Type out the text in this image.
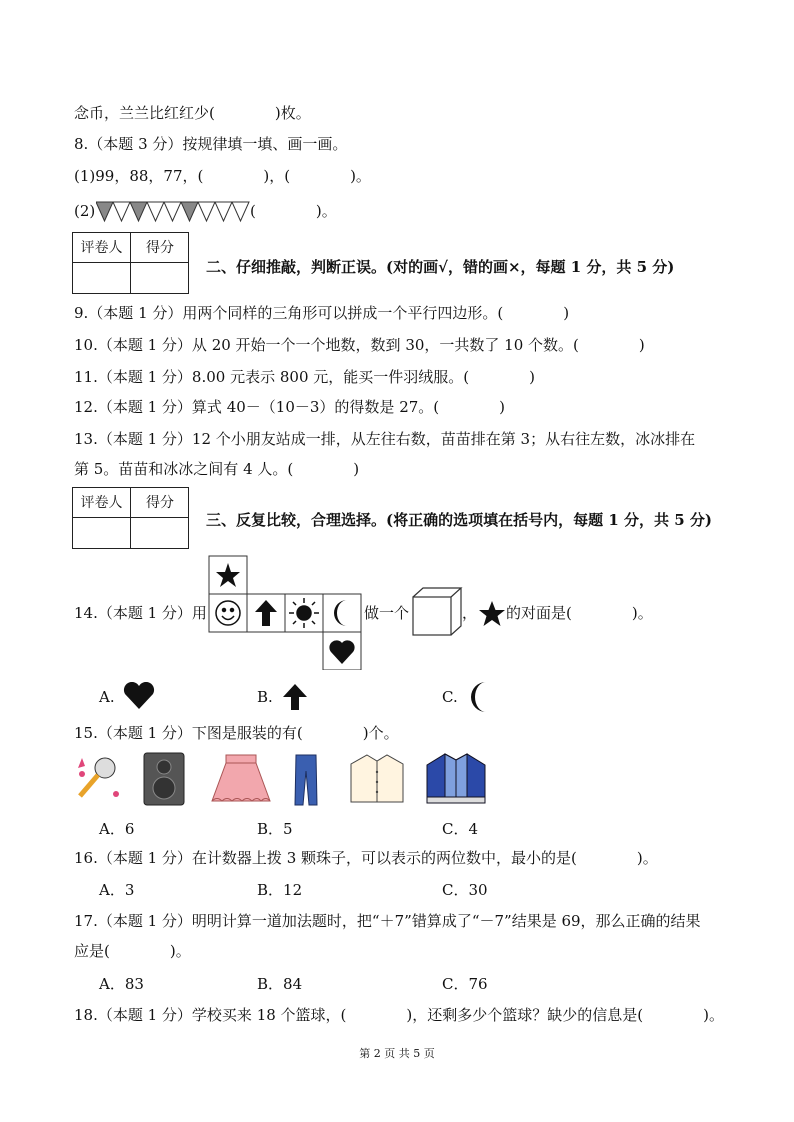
念币，兰兰比红红少(　　　　)枚。
8.（本题 3 分）按规律填一填、画一画。
(1)99，88，77，(　　　　)，(　　　　)。
(2)	(　　　　)。
评卷人	得分
二、仔细推敲，判断正误。(对的画√，错的画×，每题 1 分，共 5 分)
9.（本题 1 分）用两个同样的三角形可以拼成一个平行四边形。(　　　　)
10.（本题 1 分）从 20 开始一个一个地数，数到 30，一共数了 10 个数。(　　　　)
11.（本题 1 分）8.00 元表示 800 元，能买一件羽绒服。(　　　　)
12.（本题 1 分）算式 40－（10－3）的得数是 27。(　　　　)
13.（本题 1 分）12 个小朋友站成一排，从左往右数，苗苗排在第 3；从右往左数，冰冰排在
第 5。苗苗和冰冰之间有 4 人。(　　　　)
评卷人	得分
三、反复比较，合理选择。(将正确的选项填在括号内，每题 1 分，共 5 分)
14.（本题 1 分）用	做一个	， 的对面是(　　　　)。
A.	B.	C.
15.（本题 1 分）下图是服装的有(　　　　)个。
A．6	B．5	C．4
16.（本题 1 分）在计数器上拨 3 颗珠子，可以表示的两位数中，最小的是(　　　　)。
A．3	B．12	C．30
17.（本题 1 分）明明计算一道加法题时，把“＋7”错算成了“－7”结果是 69，那么正确的结果
应是(　　　　)。
A．83	B．84	C．76
18.（本题 1 分）学校买来 18 个篮球，(　　　　)，还剩多少个篮球？缺少的信息是(　　　　)。
第 2 页 共 5 页
